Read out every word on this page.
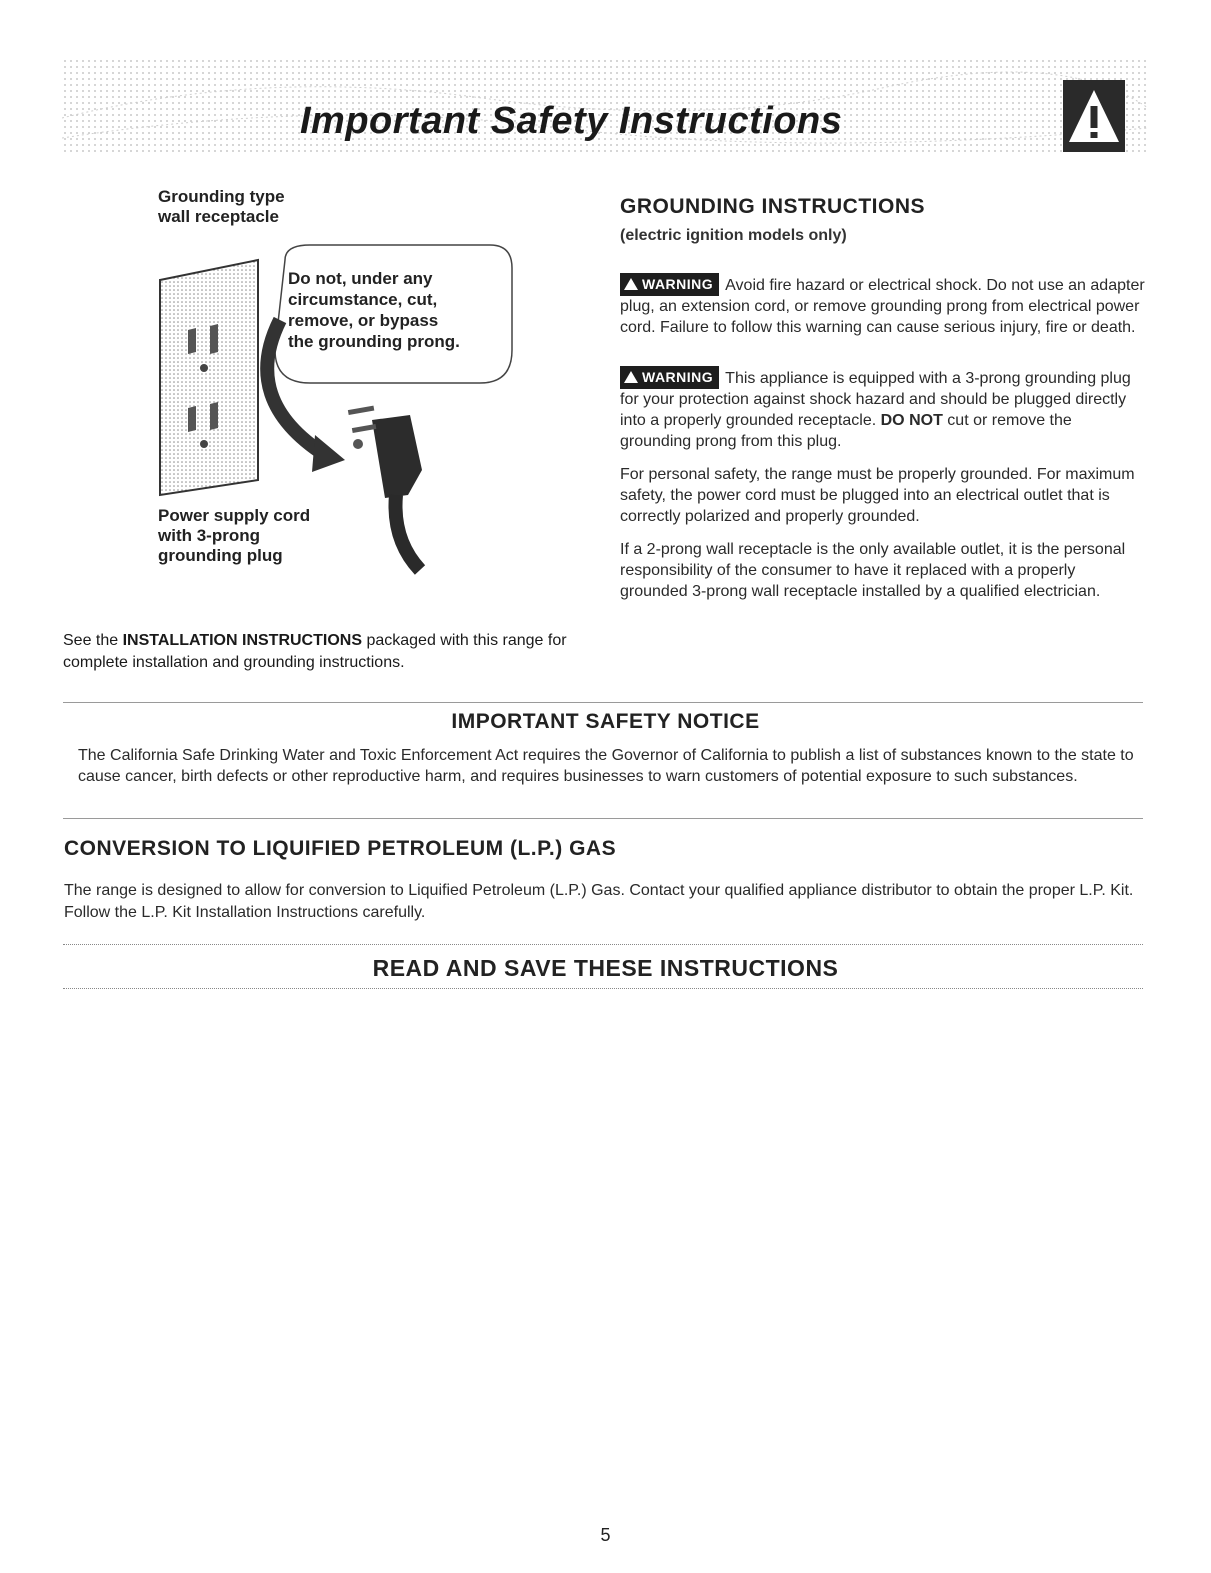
Important Safety Instructions
Grounding type
wall receptacle
Do not, under any
circumstance, cut,
remove, or bypass
the grounding prong.
Power supply cord
with 3-prong
grounding plug
See the INSTALLATION INSTRUCTIONS packaged with this range for complete installation and grounding instructions.

GROUNDING INSTRUCTIONS

(electric ignition models only)

WARNING Avoid fire hazard or electrical shock. Do not use an adapter plug, an extension cord, or remove grounding prong from electrical power cord. Failure to follow this warning can cause serious injury, fire or death.

WARNING This appliance is equipped with a 3-prong grounding plug for your protection against shock hazard and should be plugged directly into a properly grounded receptacle. DO NOT cut or remove the grounding prong from this plug.

For personal safety, the range must be properly grounded. For maximum safety, the power cord must be plugged into an electrical outlet that is correctly polarized and properly grounded.

If a 2-prong wall receptacle is the only available outlet, it is the personal responsibility of the consumer to have it replaced with a properly grounded 3-prong wall receptacle installed by a qualified electrician.

IMPORTANT SAFETY NOTICE
The California Safe Drinking Water and Toxic Enforcement Act requires the Governor of California to publish a list of substances known to the state to cause cancer, birth defects or other reproductive harm, and requires businesses to warn customers of potential exposure to such substances.
CONVERSION TO LIQUIFIED PETROLEUM (L.P.) GAS
The range is designed to allow for conversion to Liquified Petroleum (L.P.) Gas. Contact your qualified appliance distributor to obtain the proper L.P. Kit. Follow the L.P. Kit Installation Instructions carefully.
READ AND SAVE THESE INSTRUCTIONS
5
